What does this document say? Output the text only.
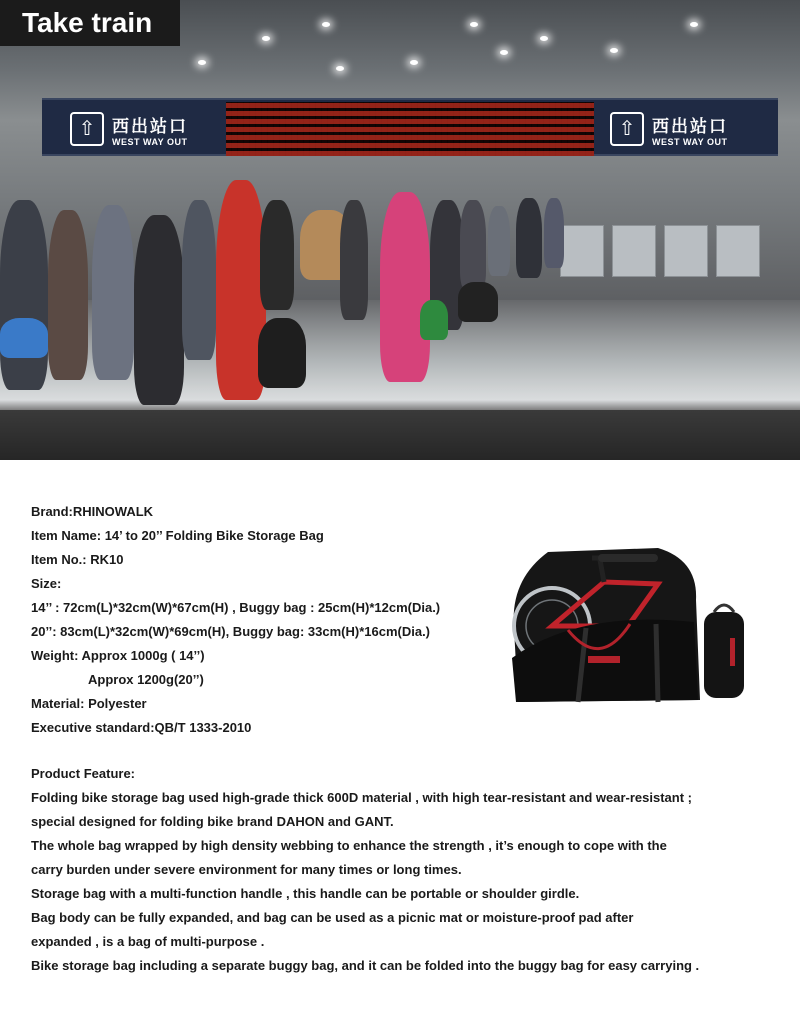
⇧ 西出站口
WEST WAY OUT
⇧ 西出站口
WEST WAY OUT
Take train
Brand:RHINOWALK
Item Name: 14’ to 20’’ Folding Bike Storage Bag
Item No.: RK10
Size:
14’’ : 72cm(L)*32cm(W)*67cm(H) , Buggy bag : 25cm(H)*12cm(Dia.)
20’’: 83cm(L)*32cm(W)*69cm(H), Buggy bag: 33cm(H)*16cm(Dia.)
Weight: Approx 1000g ( 14’’)
Approx 1200g(20’’)
Material: Polyester
Executive standard:QB/T 1333-2010
Product Feature:
Folding bike storage bag used high-grade thick 600D material , with high tear-resistant and wear-resistant ;
special designed for folding bike brand DAHON and GANT.
The whole bag wrapped by high density webbing to enhance the strength , it’s enough to cope with the
carry burden under severe environment for many times or long times.
Storage bag with a multi-function handle , this handle can be portable or shoulder girdle.
Bag body can be fully expanded, and bag can be used as a picnic mat or moisture-proof pad after
expanded , is a bag of multi-purpose .
Bike storage bag including a separate buggy bag, and it can be folded into the buggy bag for easy carrying .
